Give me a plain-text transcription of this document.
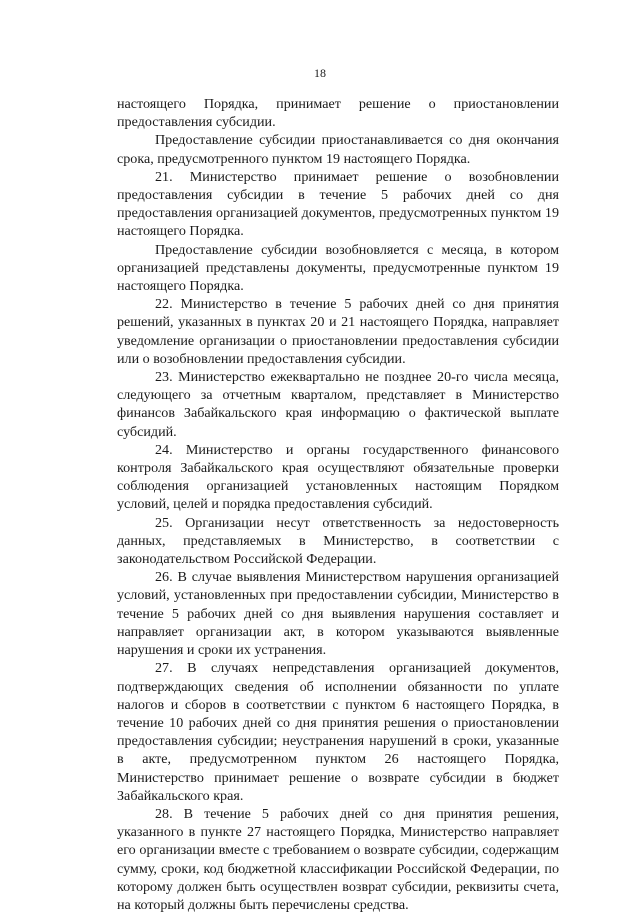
18

настоящего Порядка, принимает решение о приостановлении предоставления субсидии.

Предоставление субсидии приостанавливается со дня окончания срока, предусмотренного пунктом 19 настоящего Порядка.

21. Министерство принимает решение о возобновлении предоставления субсидии в течение 5 рабочих дней со дня предоставления организацией документов, предусмотренных пунктом 19 настоящего Порядка.

Предоставление субсидии возобновляется с месяца, в котором организацией представлены документы, предусмотренные пунктом 19 настоящего Порядка.

22. Министерство в течение 5 рабочих дней со дня принятия решений, указанных в пунктах 20 и 21 настоящего Порядка, направляет уведомление организации о приостановлении предоставления субсидии или о возобновлении предоставления субсидии.

23. Министерство ежеквартально не позднее 20-го числа месяца, следующего за отчетным кварталом, представляет в Министерство финансов Забайкальского края информацию о фактической выплате субсидий.

24. Министерство и органы государственного финансового контроля Забайкальского края осуществляют обязательные проверки соблюдения организацией установленных настоящим Порядком условий, целей и порядка предоставления субсидий.

25. Организации несут ответственность за недостоверность данных, представляемых в Министерство, в соответствии с законодательством Российской Федерации.

26. В случае выявления Министерством нарушения организацией условий, установленных при предоставлении субсидии, Министерство в течение 5 рабочих дней со дня выявления нарушения составляет и направляет организации акт, в котором указываются выявленные нарушения и сроки их устранения.

27. В случаях непредставления организацией документов, подтверждающих сведения об исполнении обязанности по уплате налогов и сборов в соответствии с пунктом 6 настоящего Порядка, в течение 10 рабочих дней со дня принятия решения о приостановлении предоставления субсидии; неустранения нарушений в сроки, указанные в акте, предусмотренном пунктом 26 настоящего Порядка, Министерство принимает решение о возврате субсидии в бюджет Забайкальского края.

28. В течение 5 рабочих дней со дня принятия решения, указанного в пункте 27 настоящего Порядка, Министерство направляет его организации вместе с требованием о возврате субсидии, содержащим сумму, сроки, код бюджетной классификации Российской Федерации, по которому должен быть осуществлен возврат субсидии, реквизиты счета, на который должны быть перечислены средства.
